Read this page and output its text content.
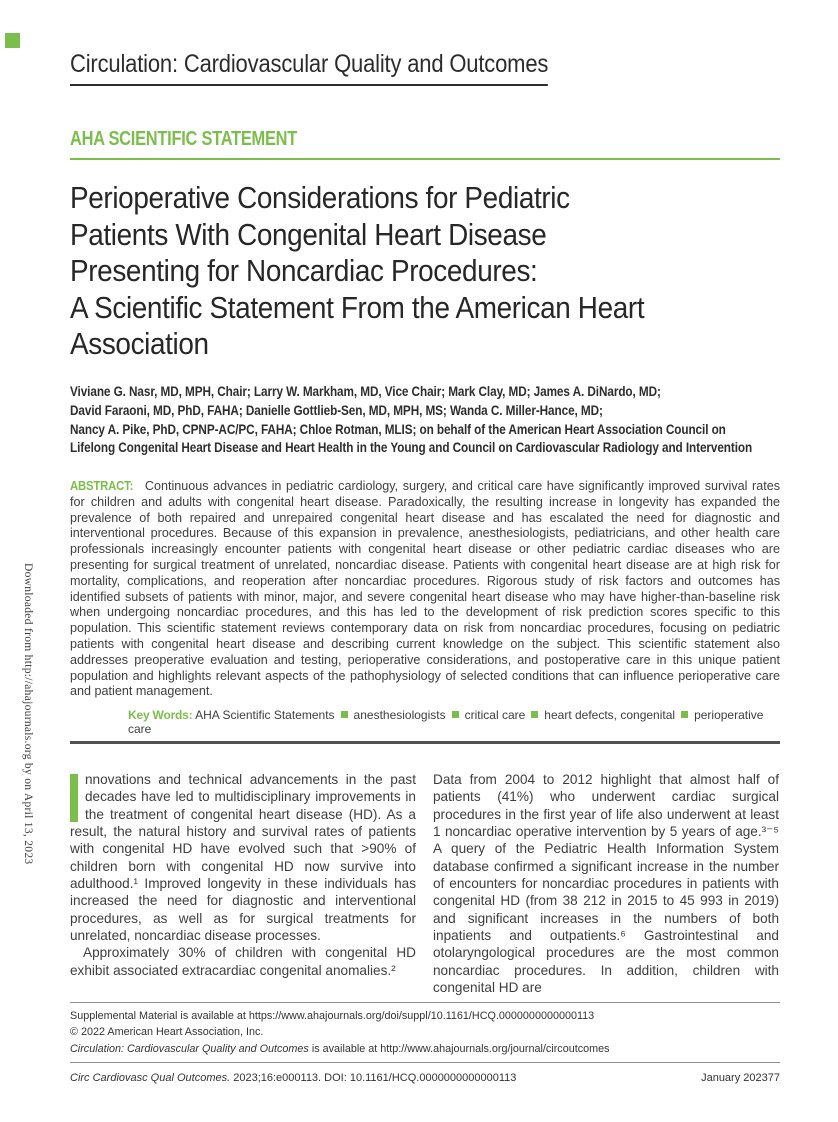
Downloaded from http://ahajournals.org by on April 13, 2023
Circulation: Cardiovascular Quality and Outcomes
AHA SCIENTIFIC STATEMENT
Perioperative Considerations for Pediatric
Patients With Congenital Heart Disease
Presenting for Noncardiac Procedures:
A Scientific Statement From the American Heart
Association
Viviane G. Nasr, MD, MPH, Chair; Larry W. Markham, MD, Vice Chair; Mark Clay, MD; James A. DiNardo, MD;
David Faraoni, MD, PhD, FAHA; Danielle Gottlieb-Sen, MD, MPH, MS; Wanda C. Miller-Hance, MD;
Nancy A. Pike, PhD, CPNP-AC/PC, FAHA; Chloe Rotman, MLIS; on behalf of the American Heart Association Council on
Lifelong Congenital Heart Disease and Heart Health in the Young and Council on Cardiovascular Radiology and Intervention
ABSTRACT: Continuous advances in pediatric cardiology, surgery, and critical care have significantly improved survival rates for children and adults with congenital heart disease. Paradoxically, the resulting increase in longevity has expanded the prevalence of both repaired and unrepaired congenital heart disease and has escalated the need for diagnostic and interventional procedures. Because of this expansion in prevalence, anesthesiologists, pediatricians, and other health care professionals increasingly encounter patients with congenital heart disease or other pediatric cardiac diseases who are presenting for surgical treatment of unrelated, noncardiac disease. Patients with congenital heart disease are at high risk for mortality, complications, and reoperation after noncardiac procedures. Rigorous study of risk factors and outcomes has identified subsets of patients with minor, major, and severe congenital heart disease who may have higher-than-baseline risk when undergoing noncardiac procedures, and this has led to the development of risk prediction scores specific to this population. This scientific statement reviews contemporary data on risk from noncardiac procedures, focusing on pediatric patients with congenital heart disease and describing current knowledge on the subject. This scientific statement also addresses preoperative evaluation and testing, perioperative considerations, and postoperative care in this unique patient population and highlights relevant aspects of the pathophysiology of selected conditions that can influence perioperative care and patient management.
Key Words: AHA Scientific Statements anesthesiologists critical care heart defects, congenital perioperative care

nnovations and technical advancements in the past decades have led to multidisciplinary improvements in the treatment of congenital heart disease (HD). As a result, the natural history and survival rates of patients with congenital HD have evolved such that >90% of children born with congenital HD now survive into adulthood.¹ Improved longevity in these individuals has increased the need for diagnostic and interventional procedures, as well as for surgical treatments for unrelated, noncardiac disease processes.

Approximately 30% of children with congenital HD exhibit associated extracardiac congenital anomalies.²

Data from 2004 to 2012 highlight that almost half of patients (41%) who underwent cardiac surgical procedures in the first year of life also underwent at least 1 noncardiac operative intervention by 5 years of age.³⁻⁵ A query of the Pediatric Health Information System database confirmed a significant increase in the number of encounters for noncardiac procedures in patients with congenital HD (from 38 212 in 2015 to 45 993 in 2019) and significant increases in the numbers of both inpatients and outpatients.⁶ Gastrointestinal and otolaryngological procedures are the most common noncardiac procedures. In addition, children with congenital HD are

Supplemental Material is available at https://www.ahajournals.org/doi/suppl/10.1161/HCQ.0000000000000113
© 2022 American Heart Association, Inc.
Circulation: Cardiovascular Quality and Outcomes is available at http://www.ahajournals.org/journal/circoutcomes
Circ Cardiovasc Qual Outcomes. 2023;16:e000113. DOI: 10.1161/HCQ.0000000000000113	January 202377
